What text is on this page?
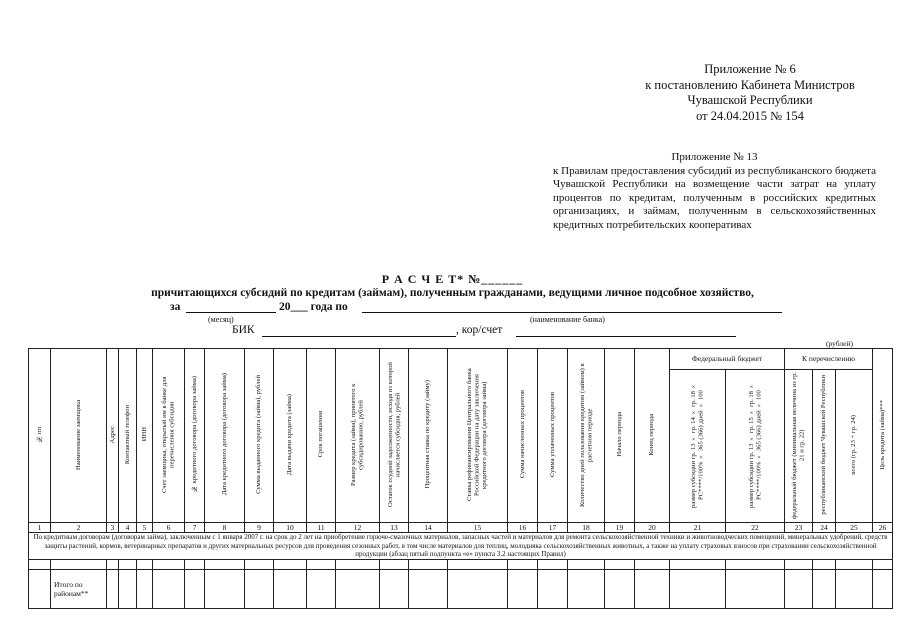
Приложение № 6
к постановлению Кабинета Министров
Чувашской Республики
от 24.04.2015 № 154
Приложение № 13
к Правилам предоставления субсидий из республиканского бюджета Чувашской Республики на возмещение части затрат на уплату процентов по кредитам, полученным в российских кредитных организациях, и займам, полученным в сельскохозяйственных кредитных потребительских кооперативах
Р А С Ч Е Т* №______
причитающихся субсидий по кредитам (займам), полученным гражданами, ведущими личное подсобное хозяйство,
за	20___ года по
(месяц)	(наименование банка)
БИК	, кор/счет
(рублей)
№ пп	Наименование заемщика	Адрес	Контактный телефон	ИНН	Счет заемщика, открытый им в банке для перечисления субсидии	№ кредитного договора (договора займа)	Дата кредитного договора (договора займа)	Сумма выданного кредита (займа), рублей	Дата выдачи кредита (займа)	Срок погашения	Размер кредита (займа), принятого к субсидированию, рублей	Остаток ссудной задолженности, исходя из которой начисляется субсидия, рублей	Процентная ставка по кредиту (займу)	Ставка рефинансирования Центрального банка Российской Федерации на дату заключения кредитного договора (договора займа)	Сумма начисленных процентов	Сумма уплаченных процентов	Количество дней пользования кредитом (займом) в расчетном периоде	Начало периода	Конец периода	Федеральный бюджет		К перечислению			Цель кредита (займа)***
																				размер субсидии гр. 13 × гр. 14 × гр. 18 × РС****/100% × 365 (366) дней × 100	размер субсидии гр. 13 × гр. 15 × гр. 18 × РС****/100% × 365 (366) дней × 100	федеральный бюджет (минимальная величина из гр. 21 и гр. 22)	республиканский бюджет Чувашской Республики	всего (гр. 23 + гр. 24)	
1	2	3	4	5	6	7	8	9	10	11	12	13	14	15	16	17	18	19	20	21	22	23	24	25	26
По кредитным договорам (договорам займа), заключенным с 1 января 2007 г. на срок до 2 лет на приобретение горюче-смазочных материалов, запасных частей и материалов для ремонта сельскохозяйственной техники и животноводческих помещений, минеральных удобрений, средств защиты растений, кормов, ветеринарных препаратов и других материальных ресурсов для проведения сезонных работ, в том числе материалов для теплиц, молодняка сельскохозяйственных животных, а также на уплату страховых взносов при страховании сельскохозяйственной продукции (абзац пятый подпункта «е» пункта 3.2 настоящих Правил)																									

	Итого по районам**																								
